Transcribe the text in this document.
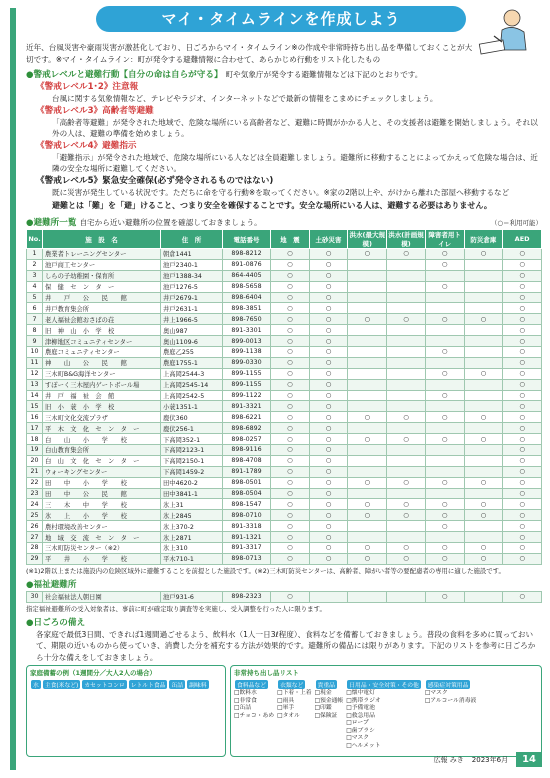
マイ・タイムラインを作成しよう

近年、台風災害や豪雨災害が激甚化しており、日ごろからマイ・タイムライン※の作成や非常時持ち出し品を準備しておくことが大切です。※マイ・タイムライン：町が発令する避難情報に合わせて、あらかじめ行動をリスト化したもの

●警戒レベルと避難行動【自分の命は自らが守る】 町や気象庁が発令する避難情報などは下記のとおりです。
《警戒レベル1･2》注意報

台風に関する気象情報など、テレビやラジオ、インターネットなどで最新の情報をこまめにチェックしましょう。

《警戒レベル3》高齢者等避難

「高齢者等避難」が発令された地域で、危険な場所にいる高齢者など、避難に時間がかかる人と、その支援者は避難を開始しましょう。それ以外の人は、避難の準備を始めましょう。

《警戒レベル4》避難指示

「避難指示」が発令された地域で、危険な場所にいる人などは全員避難しましょう。避難所に移動することによってかえって危険な場合は、近隣の安全な場所に避難してください。

《警戒レベル5》緊急安全確保(必ず発令されるものではない)

既に災害が発生している状況です。ただちに命を守る行動※を取ってください。※家の2階以上や、がけから離れた部屋へ移動するなど

避難とは「難」を「避」けること、つまり安全を確保することです。安全な場所にいる人は、避難する必要はありません。

●避難所一覧 自宅から近い避難所の位置を確認しておきましょう。	（○＝利用可能）
No.	施　設　名	住　所	電話番号	地　震	土砂災害	洪水(最大規模)	洪水(計画規模)	障害者用トイレ	防災倉庫	AED
1	農業者トレーニングセンター	朝倉1441	898-8212	○	○	○	○	○	○	○
2	池戸商工センター	池戸2340-1	891-0876	○	○			○		○
3	しらの子幼稚園・保育所	池戸1388-34	864-4405	○	○					○
4	保　健　セ　ン　タ　ー	池戸1276-5	898-5658	○	○			○		○
5	井　　戸　　公　　民　　館	井戸2679-1	898-6404	○	○					○
6	井戸教育集会所	井戸2631-1	898-3851	○	○					○
7	老人福祉会館おさばの荘	井上1966-5	898-7650	○	○	○	○	○	○	○
8	旧　神　山　小　学　校	奥山987	891-3301	○	○					○
9	津柳地区コミュニティセンター	奥山1109-6	899-0013	○	○					○
10	農庭コミュニティセンター	農庭乙255	899-1138	○	○			○		○
11	神　　山　　公　　民　　館	農庭1755-1	899-0330	○	○					○
12	三木町B&G海洋センター	上高岡2544-3	899-1155	○	○			○	○	○
13	すぽーく三木屋内ゲートボール場	上高岡2545-14	899-1155	○	○					○
14	井　戸　福　祉　会　館	上高岡2542-5	899-1122	○	○			○		○
15	旧　小　蓑　小　学　校	小蓑1351-1	891-3321	○	○					○
16	三木町文化交流プラザ	鹿伏360	898-6221	○	○	○	○	○	○	○
17	平　木　文　化　セ　ン　タ　ー	鹿伏256-1	898-6892	○	○					○
18	白　　山　　小　　学　　校	下高岡352-1	898-0257	○	○	○	○	○	○	○
19	白山教育集会所	下高岡2123-1	898-9116	○	○					○
20	白　山　文　化　セ　ン　タ　ー	下高岡2150-1	898-4708	○	○					○
21	ウォーキングセンター	下高岡1459-2	891-1789	○	○					○
22	田　　中　　小　　学　　校	田中4620-2	898-0501	○	○	○	○	○	○	○
23	田　　中　　公　　民　　館	田中3841-1	898-0504	○	○					○
24	三　　木　　中　　学　　校	氷上31	898-1547	○	○	○	○	○	○	○
25	氷　　上　　小　　学　　校	氷上2845	898-0710	○	○	○	○	○	○	○
26	農村環境改善センター	氷上370-2	891-3318	○	○			○		○
27	地　域　交　流　セ　ン　タ　ー	氷上2871	891-1321	○	○					○
28	三木町防災センター（※2）	氷上310	891-3317	○	○	○	○	○	○	○
29	平　　井　　小　　学　　校	平木710-1	898-0713	○	○	○	○	○	○	○

(※1)2階以上または施設内の危険区域外に避難することを前提とした施設です。(※2)三木町防災センターは、高齢者、障がい者等の要配慮者の専用に適した施設です。

●福祉避難所
30	社会福祉法人朝日園	池戸931-6	898-2323	○				○		○

指定福祉避難所の受入対象者は、事前に町が確定取り調査等を実施し、受入調整を行った人に限ります。

●日ごろの備え

各家庭で最低3日間、できれば1週間過ごせるよう、飲料水（1人一日3ℓ程度）、食料などを備蓄しておきましょう。普段の食料を多めに買っておいて、期限の近いものから使っていき、消費した分を補充する方法が効果的です。避難所の備品には限りがあります。下記のリストを参考に日ごろから十分な備えをしておきましょう。

家庭備蓄の例（1週間分／大人2人の場合）
水 主食(米など) カセットコンロ レトルト食品 缶詰 調味料
非常持ち出し品リスト
食料品など
□飲料水
□非常食
□缶詰
□チョコ・あめ
衣類など
□下着・上着
□雨具
□軍手
□タオル
貴重品
□現金
□預金通帳
□印鑑
□保険証
日用品・安全対策・その他
□懐中電灯
□携帯ラジオ
□予備電池
□救急用品
□ロープ
□歯ブラシ
□マスク
□ヘルメット
感染症対策用品
□マスク
□アルコール消毒液
広報 みき 2023年6月	14
